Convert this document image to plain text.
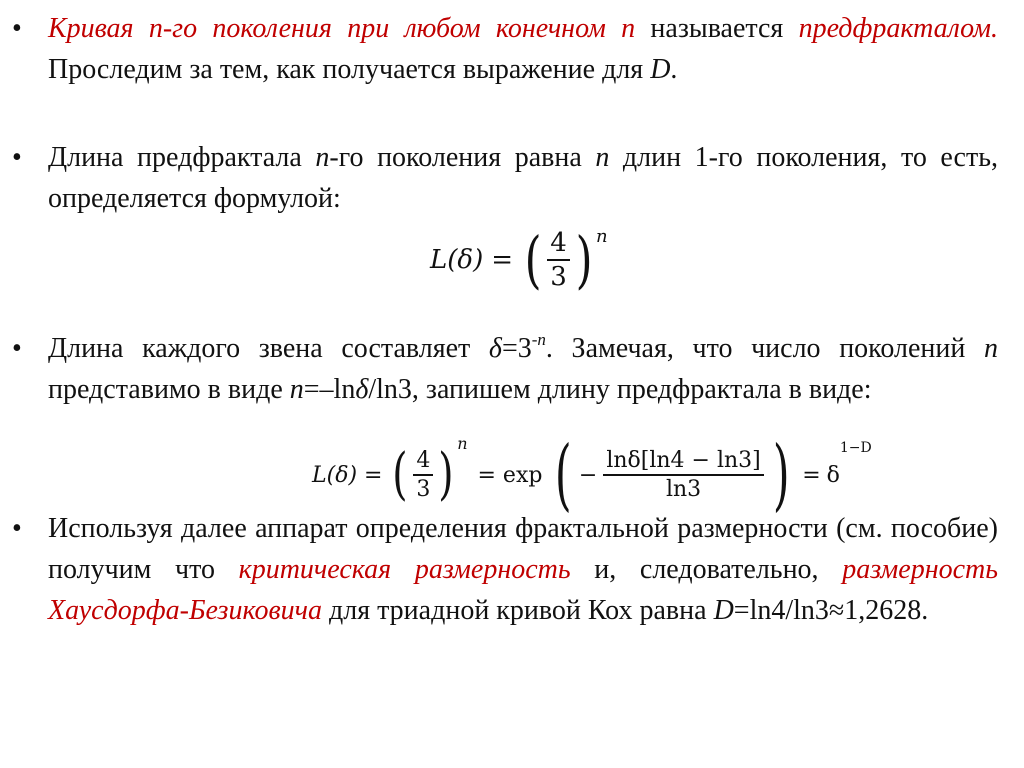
• Кривая n-го поколения при любом конечном n называется предфракталом. Проследим за тем, как получается выражение для D.

• Длина предфрактала n-го поколения равна n длин 1-го поколения, то есть, определяется формулой:

L(δ) = ( $\frac{4}{3}$ ) n
• Длина каждого звена составляет $\delta=3^{-n}$. Замечая, что число поколений n представимо в виде n=–lnδ/ln3, запишем длину предфрактала в виде:

L(δ) = ( $\frac{4}{3}$ ) n
= exp ( − $\frac{\ln\delta[\ln 4 - \ln 3]}{\ln 3}$ ) = δ
1−D
• Используя далее аппарат определения фрактальной размерности (см. пособие) получим что критическая размерность и, следовательно, размерность Хаусдорфа-Безиковича для триадной кривой Кох равна D=ln4/ln3≈1,2628.
